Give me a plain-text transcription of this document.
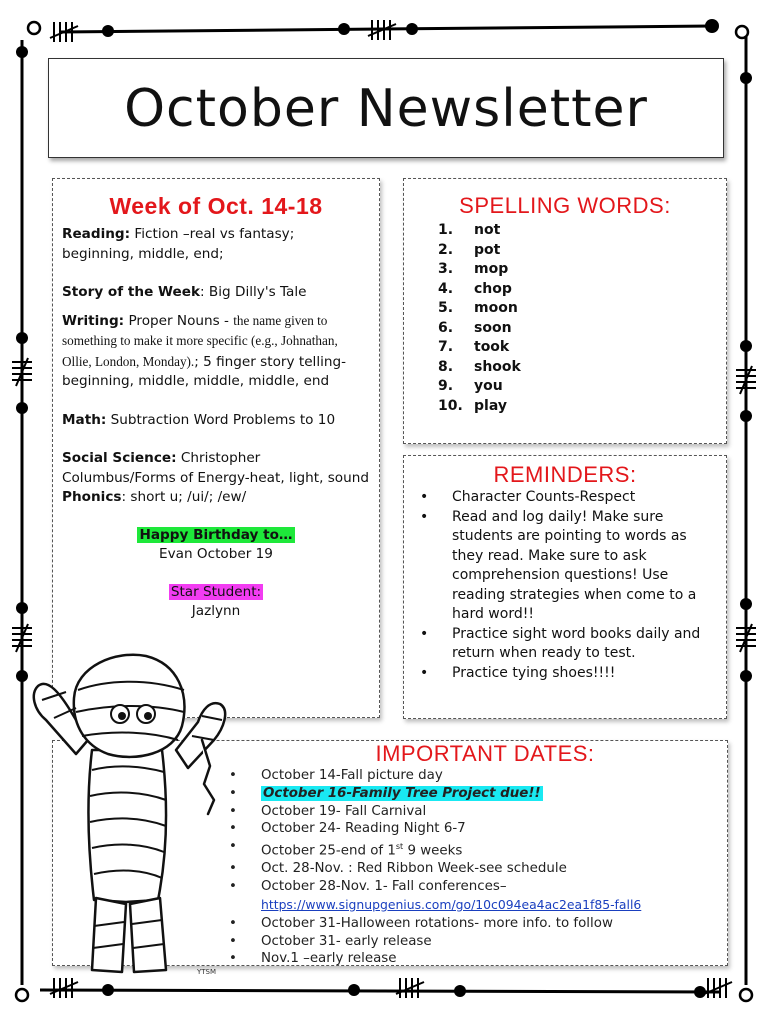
October Newsletter
Week of Oct. 14-18

Reading: Fiction –real vs fantasy; beginning, middle, end;

Story of the Week: Big Dilly's Tale

Writing: Proper Nouns - the name given to something to make it more specific (e.g., Johnathan, Ollie, London, Monday).; 5 finger story telling- beginning, middle, middle, middle, end

Math: Subtraction Word Problems to 10

Social Science: Christopher Columbus/Forms of Energy-heat, light, sound

Phonics: short u; /ui/; /ew/

Happy Birthday to…
Evan October 19

Star Student:
Jazlynn

SPELLING WORDS:
1.	not
2.	pot
3.	mop
4.	chop
5.	moon
6.	soon
7.	took
8.	shook
9.	you
10. play
REMINDERS:
• Character Counts-Respect
• Read and log daily! Make sure students are pointing to words as they read. Make sure to ask comprehension questions! Use reading strategies when come to a hard word!!
• Practice sight word books daily and return when ready to test.
• Practice tying shoes!!!!
IMPORTANT DATES:
• October 14-Fall picture day
• October 16-Family Tree Project due!!
• October 19- Fall Carnival
• October 24- Reading Night 6-7
• October 25-end of 1st 9 weeks
• Oct. 28-Nov. : Red Ribbon Week-see schedule
• October 28-Nov. 1- Fall conferences–
https://www.signupgenius.com/go/10c094ea4ac2ea1f85-fall6
• October 31-Halloween rotations- more info. to follow
• October 31- early release
• Nov.1 –early release
YTSM
